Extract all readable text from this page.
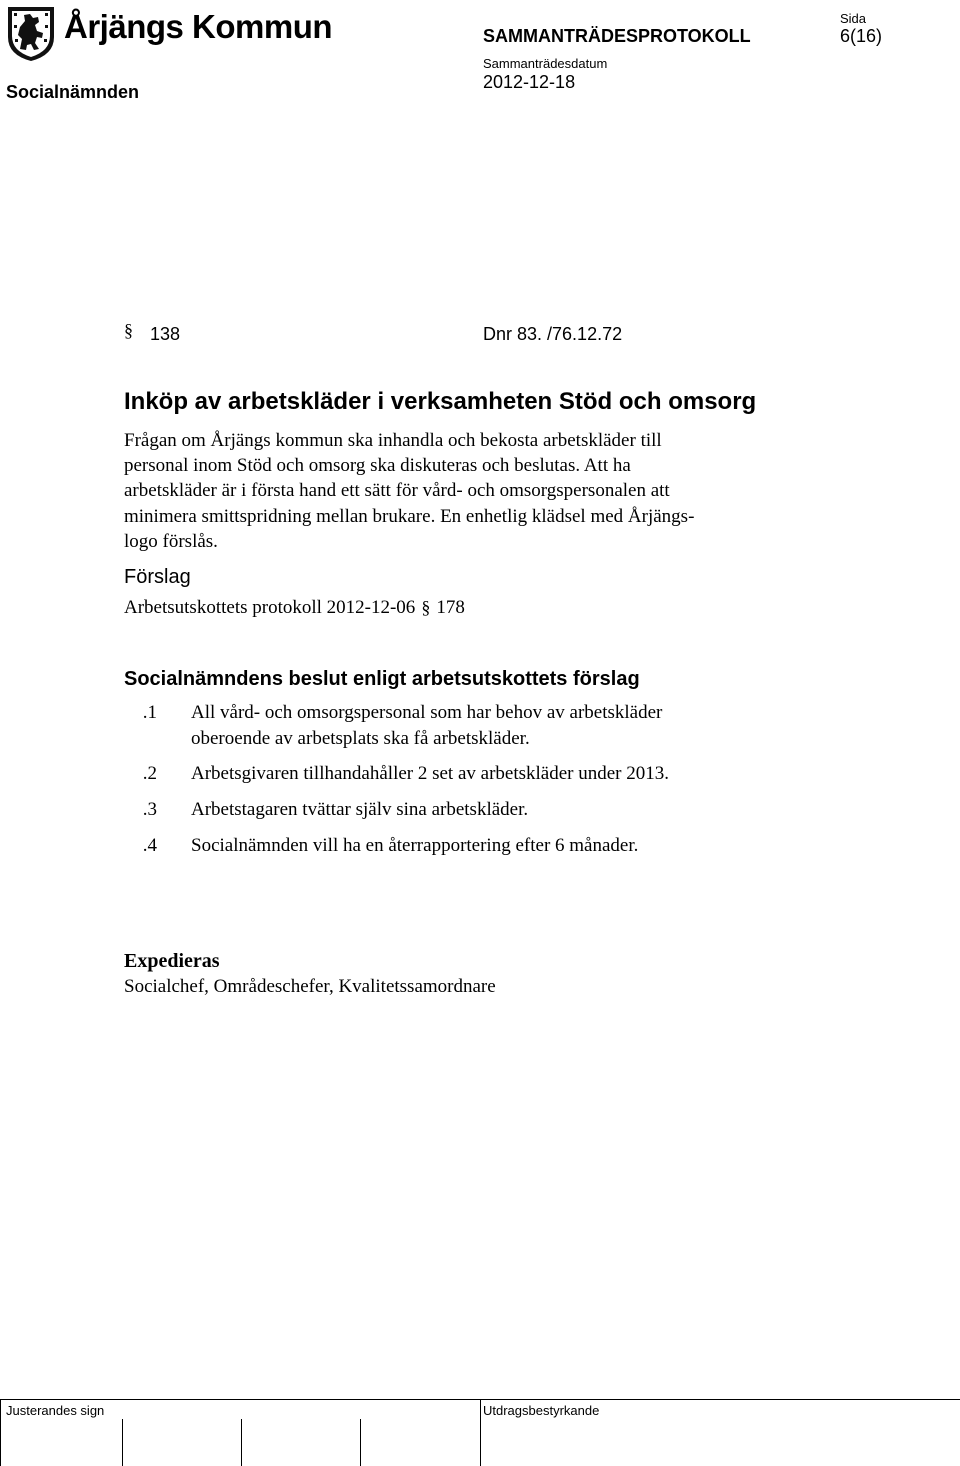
Årjängs Kommun	SAMMANTRÄDESPROTOKOLL
Sida
6(16)
Socialnämnden
Sammanträdesdatum
2012-12-18
§ 138	Dnr 83. /76.12.72
Inköp av arbetskläder i verksamheten Stöd och omsorg
Frågan om Årjängs kommun ska inhandla och bekosta arbetskläder till
personal inom Stöd och omsorg ska diskuteras och beslutas. Att ha
arbetskläder är i första hand ett sätt för vård- och omsorgspersonalen att
minimera smittspridning mellan brukare. En enhetlig klädsel med Årjängs-
logo förslås.
Förslag
Arbetsutskottets protokoll 2012-12-06 § 178
Socialnämndens beslut enligt arbetsutskottets förslag
1. All vård- och omsorgspersonal som har behov av arbetskläder
oberoende av arbetsplats ska få arbetskläder.
2. Arbetsgivaren tillhandahåller 2 set av arbetskläder under 2013.
3. Arbetstagaren tvättar själv sina arbetskläder.
4. Socialnämnden vill ha en återrapportering efter 6 månader.
Expedieras
Socialchef, Områdeschefer, Kvalitetssamordnare
Justerandes sign	Utdragsbestyrkande
